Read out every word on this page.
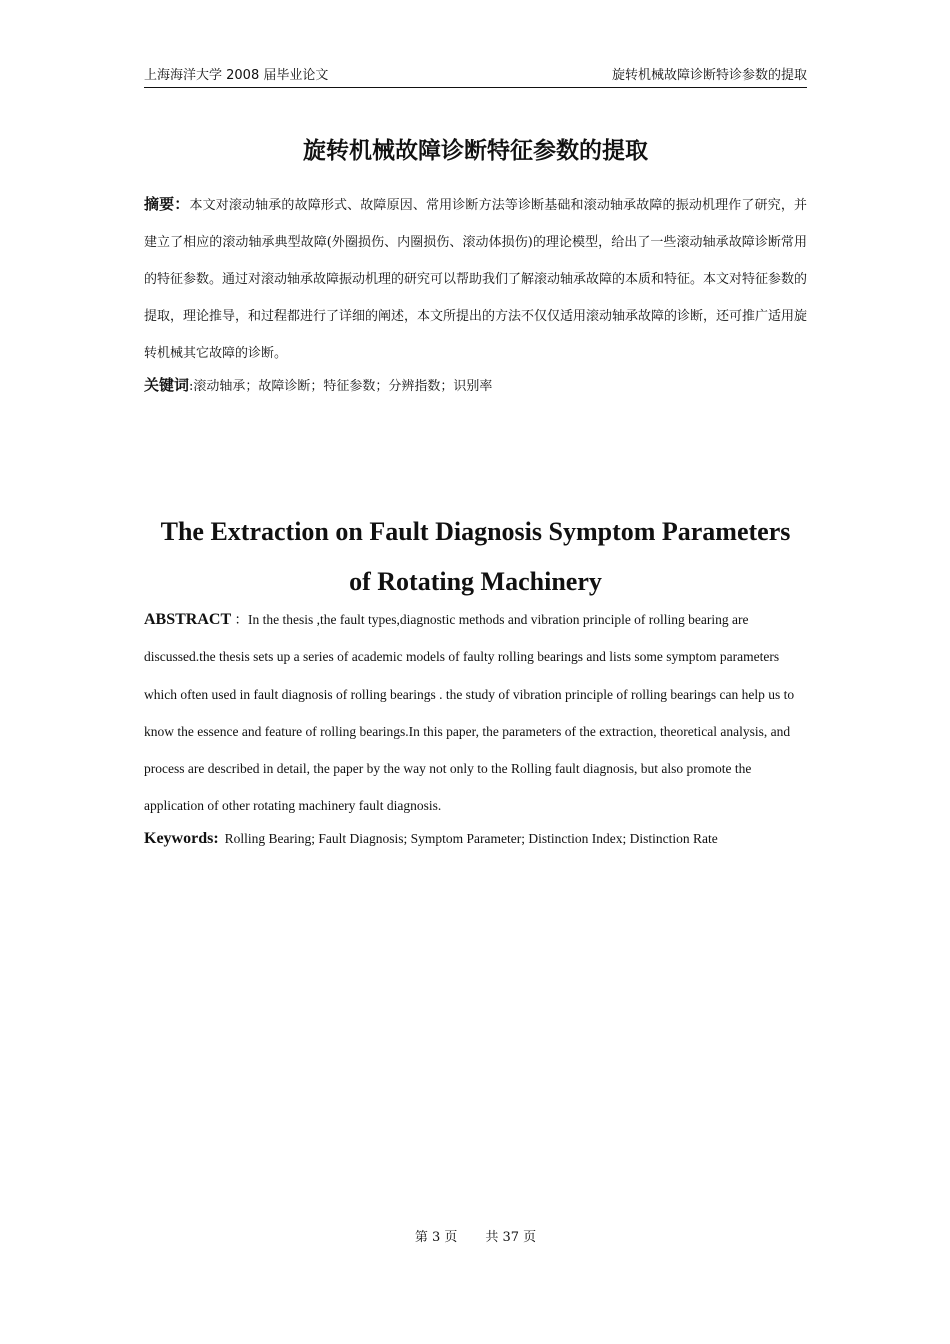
上海海洋大学 2008 届毕业论文	旋转机械故障诊断特诊参数的提取
旋转机械故障诊断特征参数的提取
摘要：本文对滚动轴承的故障形式、故障原因、常用诊断方法等诊断基础和滚动轴承故障的振动机理作了研究，并建立了相应的滚动轴承典型故障(外圈损伤、内圈损伤、滚动体损伤)的理论模型，给出了一些滚动轴承故障诊断常用的特征参数。通过对滚动轴承故障振动机理的研究可以帮助我们了解滚动轴承故障的本质和特征。本文对特征参数的提取，理论推导，和过程都进行了详细的阐述，本文所提出的方法不仅仅适用滚动轴承故障的诊断，还可推广适用旋转机械其它故障的诊断。
关键词:滚动轴承；故障诊断；特征参数；分辨指数；识别率
The Extraction on Fault Diagnosis Symptom Parameters
of Rotating Machinery
ABSTRACT ：In the thesis ,the fault types,diagnostic methods and vibration principle of rolling bearing are discussed.the thesis sets up a series of academic models of faulty rolling bearings and lists some symptom parameters which often used in fault diagnosis of rolling bearings . the study of vibration principle of rolling bearings can help us to know the essence and feature of rolling bearings.In this paper, the parameters of the extraction, theoretical analysis, and process are described in detail, the paper by the way not only to the Rolling fault diagnosis, but also promote the application of other rotating machinery fault diagnosis.
Keywords: Rolling Bearing; Fault Diagnosis; Symptom Parameter; Distinction Index; Distinction Rate
第 3 页 共 37 页
